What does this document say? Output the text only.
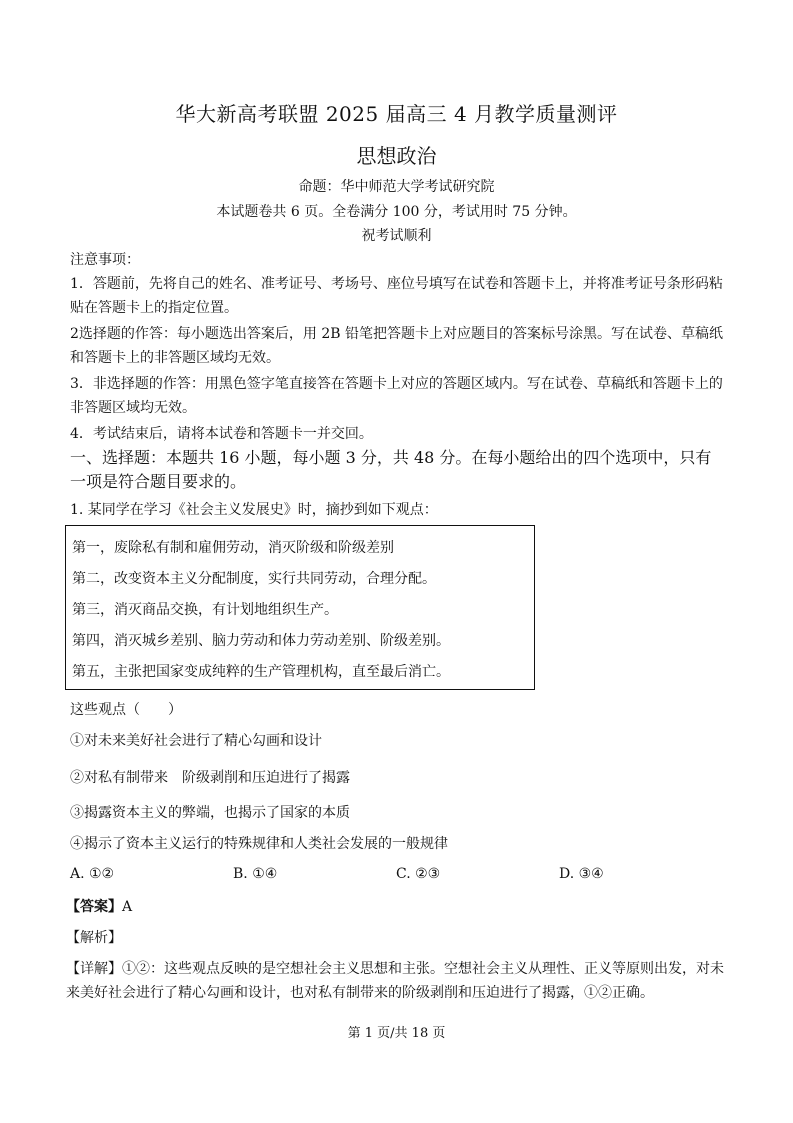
华大新高考联盟 2025 届高三 4 月教学质量测评
思想政治
命题：华中师范大学考试研究院
本试题卷共 6 页。全卷满分 100 分，考试用时 75 分钟。
祝考试顺利
注意事项：
1．答题前，先将自己的姓名、准考证号、考场号、座位号填写在试卷和答题卡上，并将准考证号条形码粘贴在答题卡上的指定位置。
2选择题的作答：每小题选出答案后，用 2B 铅笔把答题卡上对应题目的答案标号涂黑。写在试卷、草稿纸和答题卡上的非答题区域均无效。
3．非选择题的作答：用黑色签字笔直接答在答题卡上对应的答题区域内。写在试卷、草稿纸和答题卡上的非答题区域均无效。
4．考试结束后，请将本试卷和答题卡一并交回。
一、选择题：本题共 16 小题，每小题 3 分，共 48 分。在每小题给出的四个选项中，只有一项是符合题目要求的。
1. 某同学在学习《社会主义发展史》时，摘抄到如下观点：
第一，废除私有制和雇佣劳动，消灭阶级和阶级差别
第二，改变资本主义分配制度，实行共同劳动，合理分配。
第三，消灭商品交换，有计划地组织生产。
第四，消灭城乡差别、脑力劳动和体力劳动差别、阶级差别。
第五，主张把国家变成纯粹的生产管理机构，直至最后消亡。
这些观点（　　）
①对未来美好社会进行了精心勾画和设计
②对私有制带来　阶级剥削和压迫进行了揭露
③揭露资本主义的弊端，也揭示了国家的本质
④揭示了资本主义运行的特殊规律和人类社会发展的一般规律
A. ①②	B. ①④	C. ②③	D. ③④
【答案】A
【解析】
【详解】①②：这些观点反映的是空想社会主义思想和主张。空想社会主义从理性、正义等原则出发，对未来美好社会进行了精心勾画和设计，也对私有制带来的阶级剥削和压迫进行了揭露，①②正确。
第 1 页/共 18 页
